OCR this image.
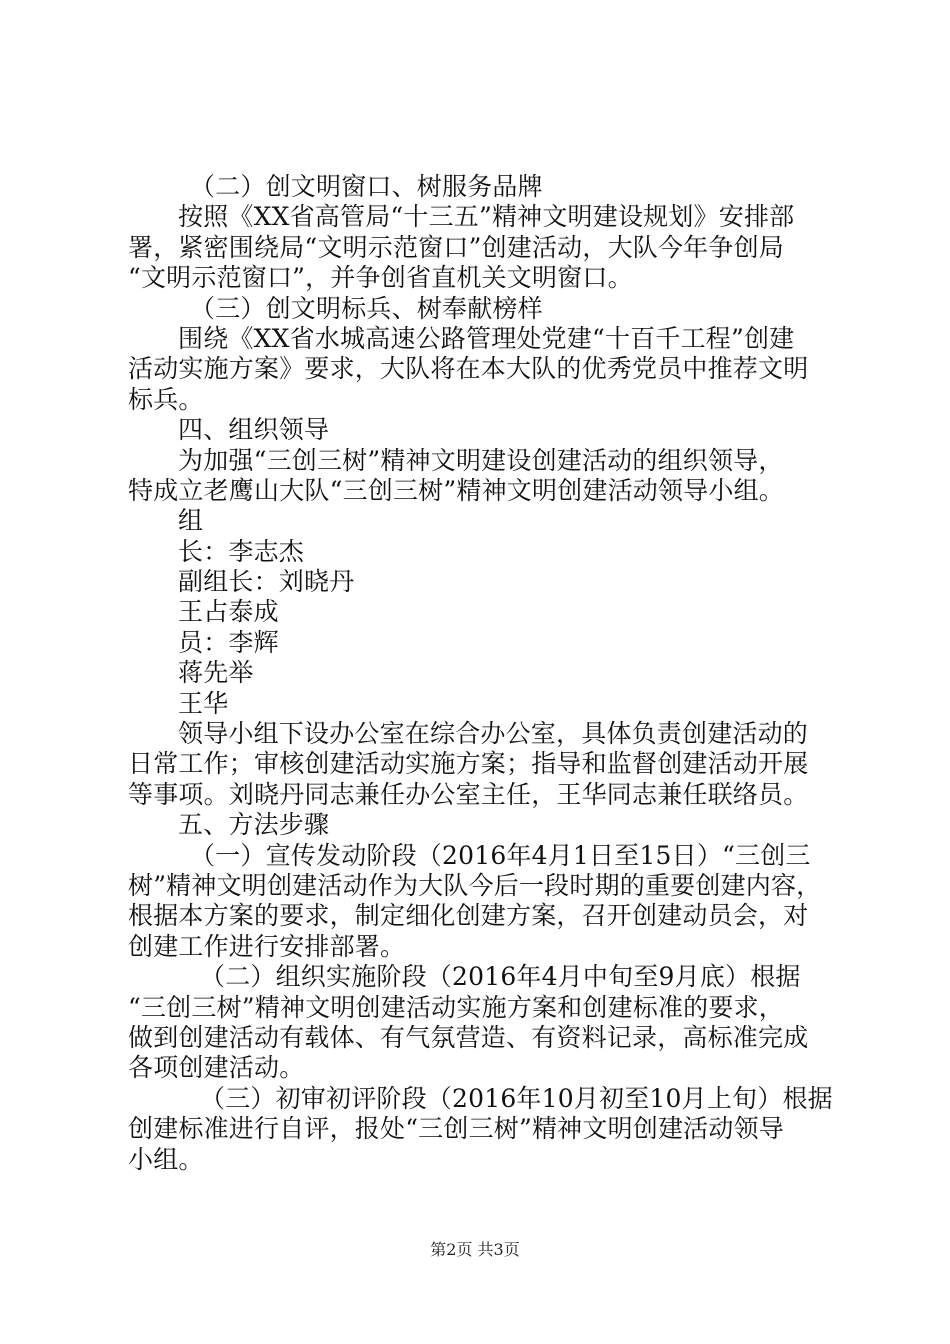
（二）创文明窗口、树服务品牌
按照《XX省高管局“十三五”精神文明建设规划》安排部
署，紧密围绕局“文明示范窗口”创建活动，大队今年争创局
“文明示范窗口”，并争创省直机关文明窗口。
（三）创文明标兵、树奉献榜样
围绕《XX省水城高速公路管理处党建“十百千工程”创建
活动实施方案》要求，大队将在本大队的优秀党员中推荐文明
标兵。
四、组织领导
为加强“三创三树”精神文明建设创建活动的组织领导，
特成立老鹰山大队“三创三树”精神文明创建活动领导小组。
组
长：李志杰
副组长：刘晓丹
王占泰成
员：李辉
蒋先举
王华
领导小组下设办公室在综合办公室，具体负责创建活动的
日常工作；审核创建活动实施方案；指导和监督创建活动开展
等事项。刘晓丹同志兼任办公室主任，王华同志兼任联络员。
五、方法步骤
（一）宣传发动阶段（2016年4月1日至15日）“三创三
树”精神文明创建活动作为大队今后一段时期的重要创建内容，
根据本方案的要求，制定细化创建方案，召开创建动员会，对
创建工作进行安排部署。
（二）组织实施阶段（2016年4月中旬至9月底）根据
“三创三树”精神文明创建活动实施方案和创建标准的要求，
做到创建活动有载体、有气氛营造、有资料记录，高标准完成
各项创建活动。
（三）初审初评阶段（2016年10月初至10月上旬）根据
创建标准进行自评，报处“三创三树”精神文明创建活动领导
小组。
第2页 共3页
